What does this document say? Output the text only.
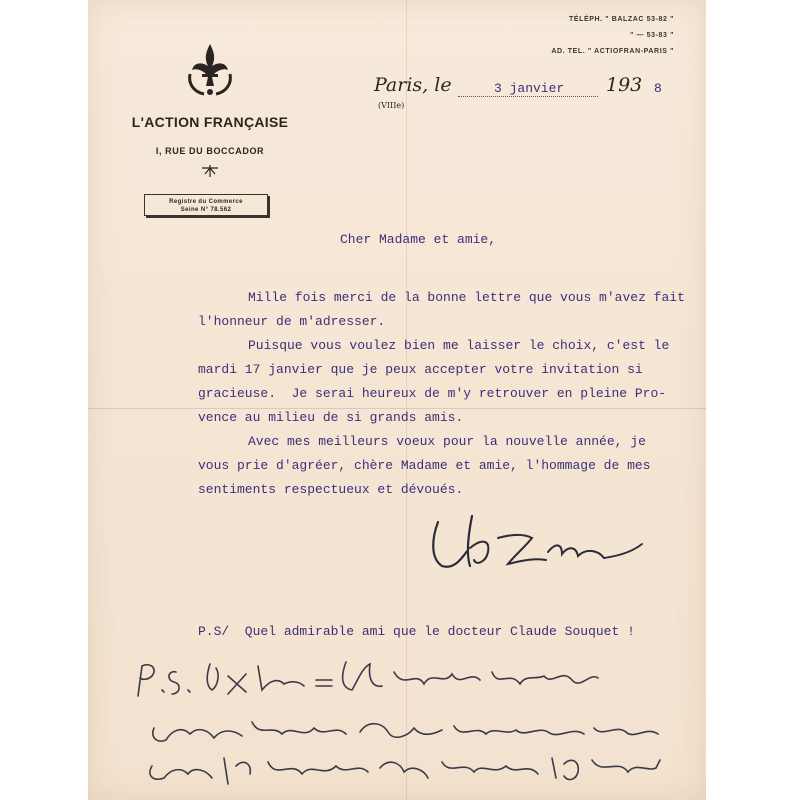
L'ACTION FRANÇAISE
I, RUE DU BOCCADOR
Registre du Commerce
Seine N° 78.562
TÉLÉPH. " BALZAC 53-82 "
" — 53-83 "
AD. TEL. " ACTIOFRAN-PARIS "
Paris, le
(VIIIe)
3 janvier 193 8
Cher Madame et amie,
Mille fois merci de la bonne lettre que vous m'avez fait
l'honneur de m'adresser.
Puisque vous voulez bien me laisser le choix, c'est le
mardi 17 janvier que je peux accepter votre invitation si
gracieuse.  Je serai heureux de m'y retrouver en pleine Pro-
vence au milieu de si grands amis.
Avec mes meilleurs voeux pour la nouvelle année, je
vous prie d'agréer, chère Madame et amie, l'hommage de mes
sentiments respectueux et dévoués.
P.S/  Quel admirable ami que le docteur Claude Souquet !
